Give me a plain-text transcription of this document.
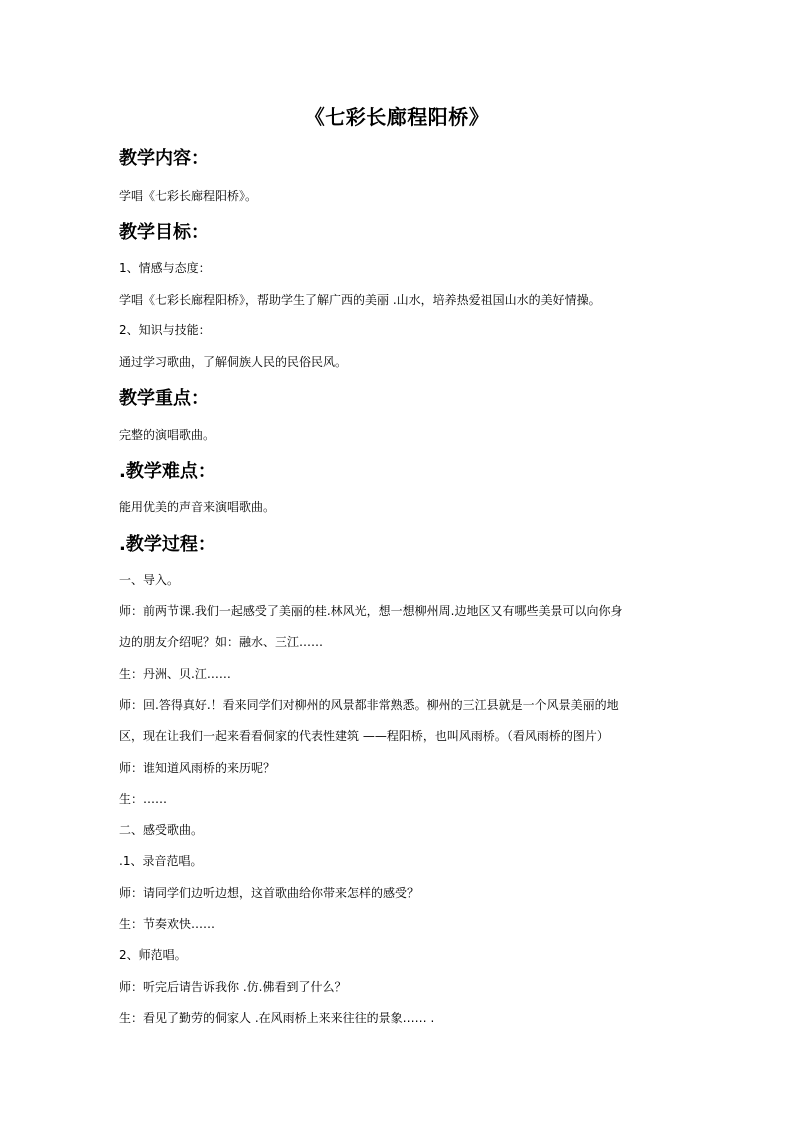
《七彩长廊程阳桥》
教学内容：
学唱《七彩长廊程阳桥》。
教学目标：
1、情感与态度：
学唱《七彩长廊程阳桥》，帮助学生了解广西的美丽 .山水，培养热爱祖国山水的美好情操。
2、知识与技能：
通过学习歌曲，了解侗族人民的民俗民风。
教学重点：
完整的演唱歌曲。
.教学难点：
能用优美的声音来演唱歌曲。
.教学过程：
一、导入。
师：前两节课.我们一起感受了美丽的桂.林风光，想一想柳州周.边地区又有哪些美景可以向你身
边的朋友介绍呢？如：融水、三江……
生：丹洲、贝.江……
师：回.答得真好.！看来同学们对柳州的风景都非常熟悉。柳州的三江县就是一个风景美丽的地
区，现在让我们一起来看看侗家的代表性建筑 ——程阳桥，也叫风雨桥。（看风雨桥的图片）
师：谁知道风雨桥的来历呢？
生：……
二、感受歌曲。
.1、录音范唱。
师：请同学们边听边想，这首歌曲给你带来怎样的感受？
生：节奏欢快……
2、师范唱。
师：听完后请告诉我你 .仿.佛看到了什么？
生：看见了勤劳的侗家人 .在风雨桥上来来往往的景象…… .
